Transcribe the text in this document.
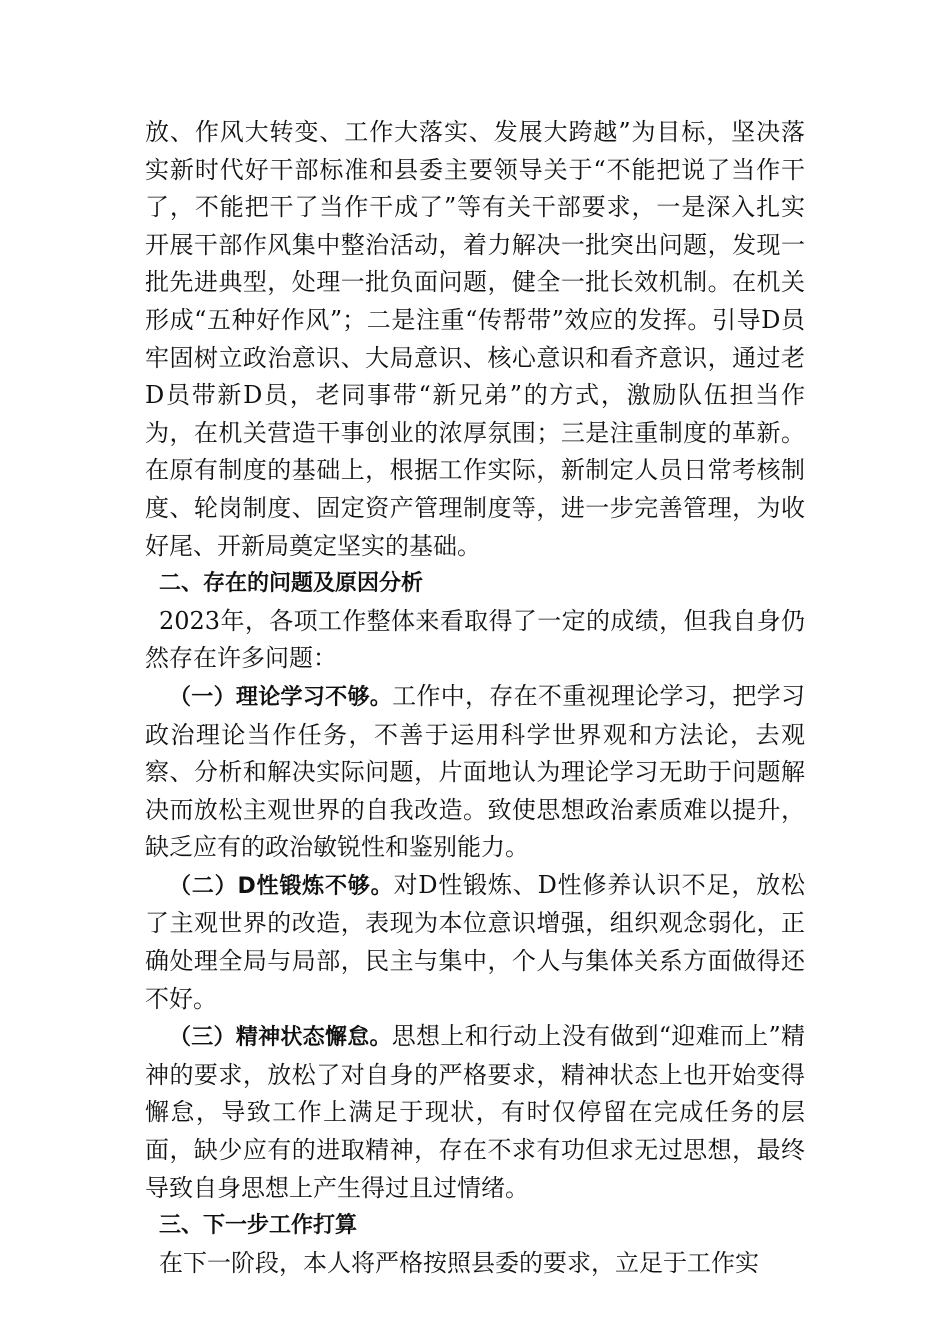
放、作风大转变、工作大落实、发展大跨越”为目标，坚决落实新时代好干部标准和县委主要领导关于“不能把说了当作干了，不能把干了当作干成了”等有关干部要求，一是深入扎实开展干部作风集中整治活动，着力解决一批突出问题，发现一批先进典型，处理一批负面问题，健全一批长效机制。在机关形成“五种好作风”；二是注重“传帮带”效应的发挥。引导D员牢固树立政治意识、大局意识、核心意识和看齐意识，通过老D员带新D员，老同事带“新兄弟”的方式，激励队伍担当作为，在机关营造干事创业的浓厚氛围；三是注重制度的革新。在原有制度的基础上，根据工作实际，新制定人员日常考核制度、轮岗制度、固定资产管理制度等，进一步完善管理，为收好尾、开新局奠定坚实的基础。

二、存在的问题及原因分析

2023年，各项工作整体来看取得了一定的成绩，但我自身仍然存在许多问题：

（一）理论学习不够。工作中，存在不重视理论学习，把学习政治理论当作任务，不善于运用科学世界观和方法论，去观察、分析和解决实际问题，片面地认为理论学习无助于问题解决而放松主观世界的自我改造。致使思想政治素质难以提升，缺乏应有的政治敏锐性和鉴别能力。

（二）D性锻炼不够。对D性锻炼、D性修养认识不足，放松了主观世界的改造，表现为本位意识增强，组织观念弱化，正确处理全局与局部，民主与集中，个人与集体关系方面做得还不好。

（三）精神状态懈怠。思想上和行动上没有做到“迎难而上”精神的要求，放松了对自身的严格要求，精神状态上也开始变得懈怠，导致工作上满足于现状，有时仅停留在完成任务的层面，缺少应有的进取精神，存在不求有功但求无过思想，最终导致自身思想上产生得过且过情绪。

三、下一步工作打算

在下一阶段，本人将严格按照县委的要求，立足于工作实
